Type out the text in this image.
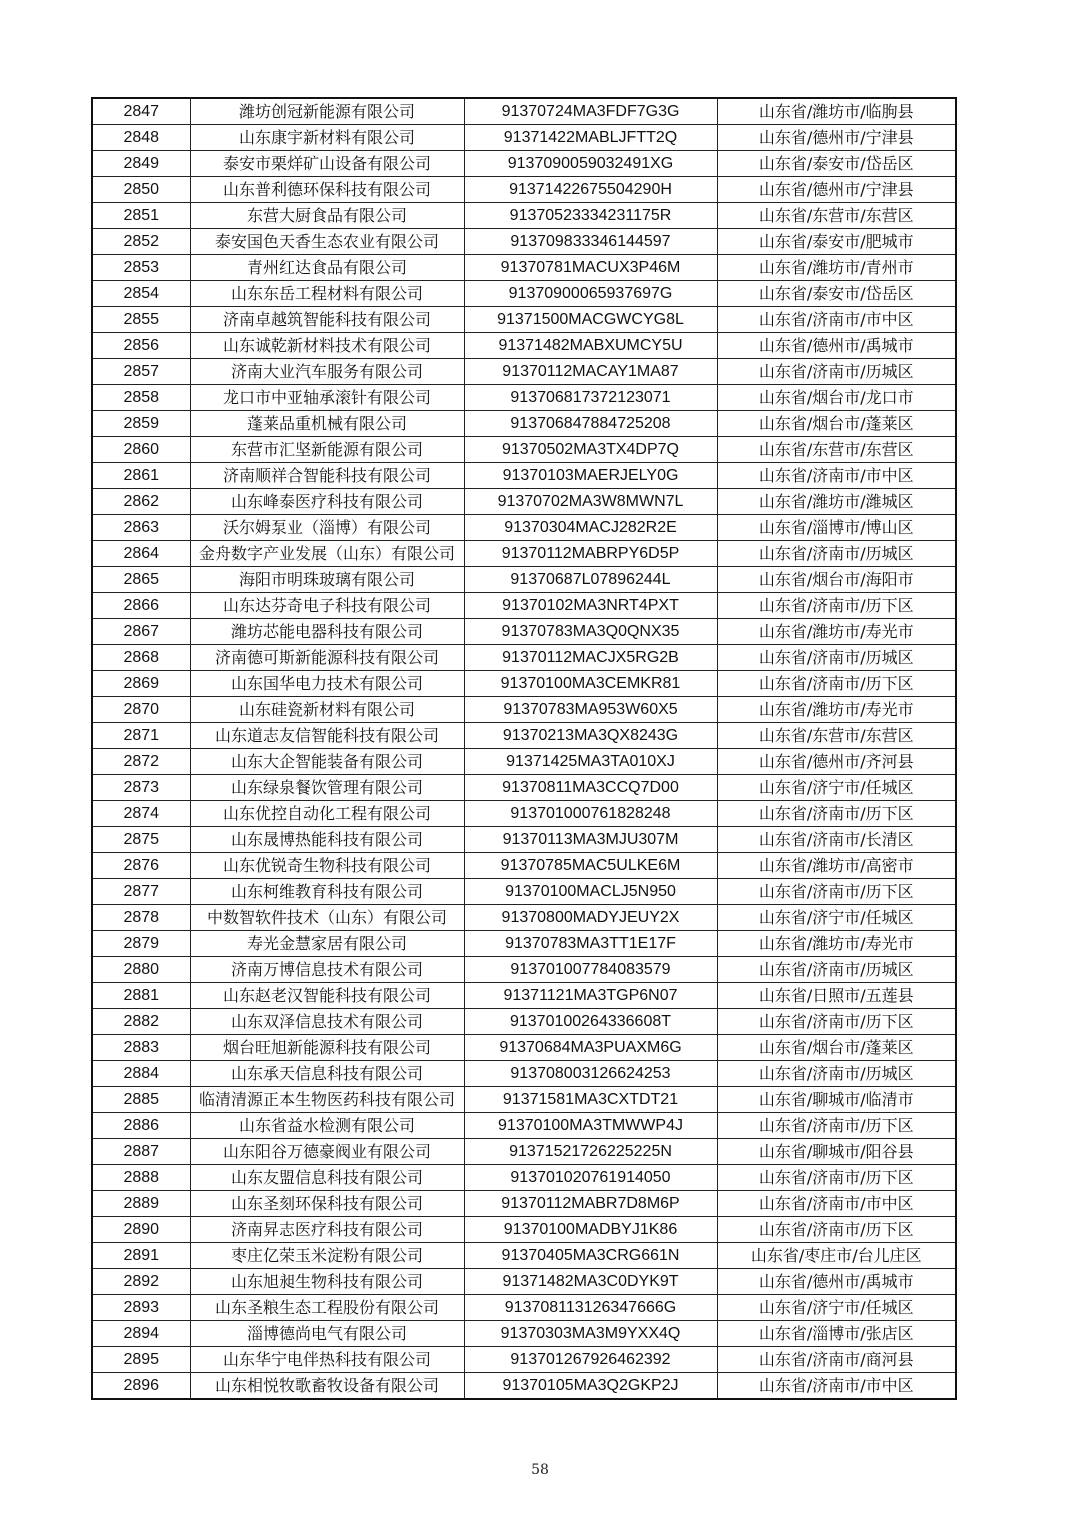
2847	潍坊创冠新能源有限公司	91370724MA3FDF7G3G	山东省/潍坊市/临朐县
2848	山东康宇新材料有限公司	91371422MABLJFTT2Q	山东省/德州市/宁津县
2849	泰安市栗烊矿山设备有限公司	9137090059032491XG	山东省/泰安市/岱岳区
2850	山东普利德环保科技有限公司	91371422675504290H	山东省/德州市/宁津县
2851	东营大厨食品有限公司	91370523334231175R	山东省/东营市/东营区
2852	泰安国色天香生态农业有限公司	913709833346144597	山东省/泰安市/肥城市
2853	青州红达食品有限公司	91370781MACUX3P46M	山东省/潍坊市/青州市
2854	山东东岳工程材料有限公司	91370900065937697G	山东省/泰安市/岱岳区
2855	济南卓越筑智能科技有限公司	91371500MACGWCYG8L	山东省/济南市/市中区
2856	山东诚乾新材料技术有限公司	91371482MABXUMCY5U	山东省/德州市/禹城市
2857	济南大业汽车服务有限公司	91370112MACAY1MA87	山东省/济南市/历城区
2858	龙口市中亚轴承滚针有限公司	913706817372123071	山东省/烟台市/龙口市
2859	蓬莱品重机械有限公司	913706847884725208	山东省/烟台市/蓬莱区
2860	东营市汇坚新能源有限公司	91370502MA3TX4DP7Q	山东省/东营市/东营区
2861	济南顺祥合智能科技有限公司	91370103MAERJELY0G	山东省/济南市/市中区
2862	山东峰泰医疗科技有限公司	91370702MA3W8MWN7L	山东省/潍坊市/潍城区
2863	沃尔姆泵业（淄博）有限公司	91370304MACJ282R2E	山东省/淄博市/博山区
2864	金舟数字产业发展（山东）有限公司	91370112MABRPY6D5P	山东省/济南市/历城区
2865	海阳市明珠玻璃有限公司	91370687L07896244L	山东省/烟台市/海阳市
2866	山东达芬奇电子科技有限公司	91370102MA3NRT4PXT	山东省/济南市/历下区
2867	潍坊芯能电器科技有限公司	91370783MA3Q0QNX35	山东省/潍坊市/寿光市
2868	济南德可斯新能源科技有限公司	91370112MACJX5RG2B	山东省/济南市/历城区
2869	山东国华电力技术有限公司	91370100MA3CEMKR81	山东省/济南市/历下区
2870	山东硅瓷新材料有限公司	91370783MA953W60X5	山东省/潍坊市/寿光市
2871	山东道志友信智能科技有限公司	91370213MA3QX8243G	山东省/东营市/东营区
2872	山东大企智能装备有限公司	91371425MA3TA010XJ	山东省/德州市/齐河县
2873	山东绿泉餐饮管理有限公司	91370811MA3CCQ7D00	山东省/济宁市/任城区
2874	山东优控自动化工程有限公司	913701000761828248	山东省/济南市/历下区
2875	山东晟博热能科技有限公司	91370113MA3MJU307M	山东省/济南市/长清区
2876	山东优锐奇生物科技有限公司	91370785MAC5ULKE6M	山东省/潍坊市/高密市
2877	山东柯维教育科技有限公司	91370100MACLJ5N950	山东省/济南市/历下区
2878	中数智软件技术（山东）有限公司	91370800MADYJEUY2X	山东省/济宁市/任城区
2879	寿光金慧家居有限公司	91370783MA3TT1E17F	山东省/潍坊市/寿光市
2880	济南万博信息技术有限公司	913701007784083579	山东省/济南市/历城区
2881	山东赵老汉智能科技有限公司	91371121MA3TGP6N07	山东省/日照市/五莲县
2882	山东双泽信息技术有限公司	91370100264336608T	山东省/济南市/历下区
2883	烟台旺旭新能源科技有限公司	91370684MA3PUAXM6G	山东省/烟台市/蓬莱区
2884	山东承天信息科技有限公司	913708003126624253	山东省/济南市/历城区
2885	临清清源正本生物医药科技有限公司	91371581MA3CXTDT21	山东省/聊城市/临清市
2886	山东省益水检测有限公司	91370100MA3TMWWP4J	山东省/济南市/历下区
2887	山东阳谷万德豪阀业有限公司	91371521726225225N	山东省/聊城市/阳谷县
2888	山东友盟信息科技有限公司	913701020761914050	山东省/济南市/历下区
2889	山东圣刻环保科技有限公司	91370112MABR7D8M6P	山东省/济南市/市中区
2890	济南昇志医疗科技有限公司	91370100MADBYJ1K86	山东省/济南市/历下区
2891	枣庄亿荣玉米淀粉有限公司	91370405MA3CRG661N	山东省/枣庄市/台儿庄区
2892	山东旭昶生物科技有限公司	91371482MA3C0DYK9T	山东省/德州市/禹城市
2893	山东圣粮生态工程股份有限公司	913708113126347666G	山东省/济宁市/任城区
2894	淄博德尚电气有限公司	91370303MA3M9YXX4Q	山东省/淄博市/张店区
2895	山东华宁电伴热科技有限公司	913701267926462392	山东省/济南市/商河县
2896	山东相悦牧歌畜牧设备有限公司	91370105MA3Q2GKP2J	山东省/济南市/市中区
58
